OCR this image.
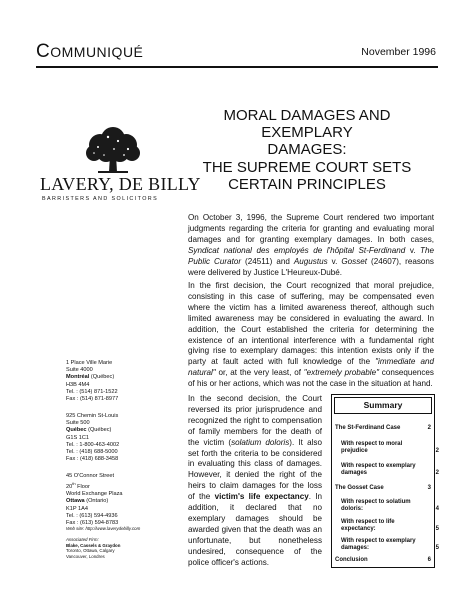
COMMUNIQUÉ	November 1996
LAVERY, DE BILLY
BARRISTERS AND SOLICITORS
MORAL DAMAGES AND EXEMPLARY
DAMAGES:
THE SUPREME COURT SETS
CERTAIN PRINCIPLES
On October 3, 1996, the Supreme Court rendered two important judgments regarding the criteria for granting and evaluating moral damages and for granting exemplary damages. In both cases, Syndicat national des employés de l'hôpital St-Ferdinand v. The Public Curator (24511) and Augustus v. Gosset (24607), reasons were delivered by Justice L'Heureux-Dubé.
In the first decision, the Court recognized that moral prejudice, consisting in this case of suffering, may be compensated even where the victim has a limited awareness thereof, although such limited awareness may be considered in evaluating the award. In addition, the Court established the criteria for determining the existence of an intentional interference with a fundamental right giving rise to exemplary damages: this intention exists only if the party at fault acted with full knowledge of the "immediate and natural" or, at the very least, of "extremely probable" consequences of his or her actions, which was not the case in the situation at hand.
In the second decision, the Court reversed its prior jurisprudence and recognized the right to compensation of family members for the death of the victim (solatium doloris). It also set forth the criteria to be considered in evaluating this class of damages. However, it denied the right of the heirs to claim damages for the loss of the victim's life expectancy. In addition, it declared that no exemplary damages should be awarded given that the death was an unfortunate, but nonetheless undesired, consequence of the police officer's actions.
1 Place Ville Marie
Suite 4000
Montréal (Québec)
H3B 4M4
Tel. : (514) 871-1522
Fax : (514) 871-8977
925 Chemin St-Louis
Suite 500
Québec (Québec)
G1S 1C1
Tel. : 1-800-463-4002
Tel. : (418) 688-5000
Fax : (418) 688-3458
45 O'Connor Street
20th Floor
World Exchange Plaza
Ottawa (Ontario)
K1P 1A4
Tel. : (613) 594-4936
Fax : (613) 594-8783
Web site: http://www.laverydebilly.com
Associated Firm:
Blake, Cassels & Graydon
Toronto, Ottawa, Calgary
Vancouver, Londres
Summary
The St-Ferdinand Case	2
With respect to moral prejudice	2
With respect to exemplary damages	2
The Gosset Case	3
With respect to solatium doloris:	4
With respect to life expectancy:	5
With respect to exemplary damages:	5
Conclusion	6
